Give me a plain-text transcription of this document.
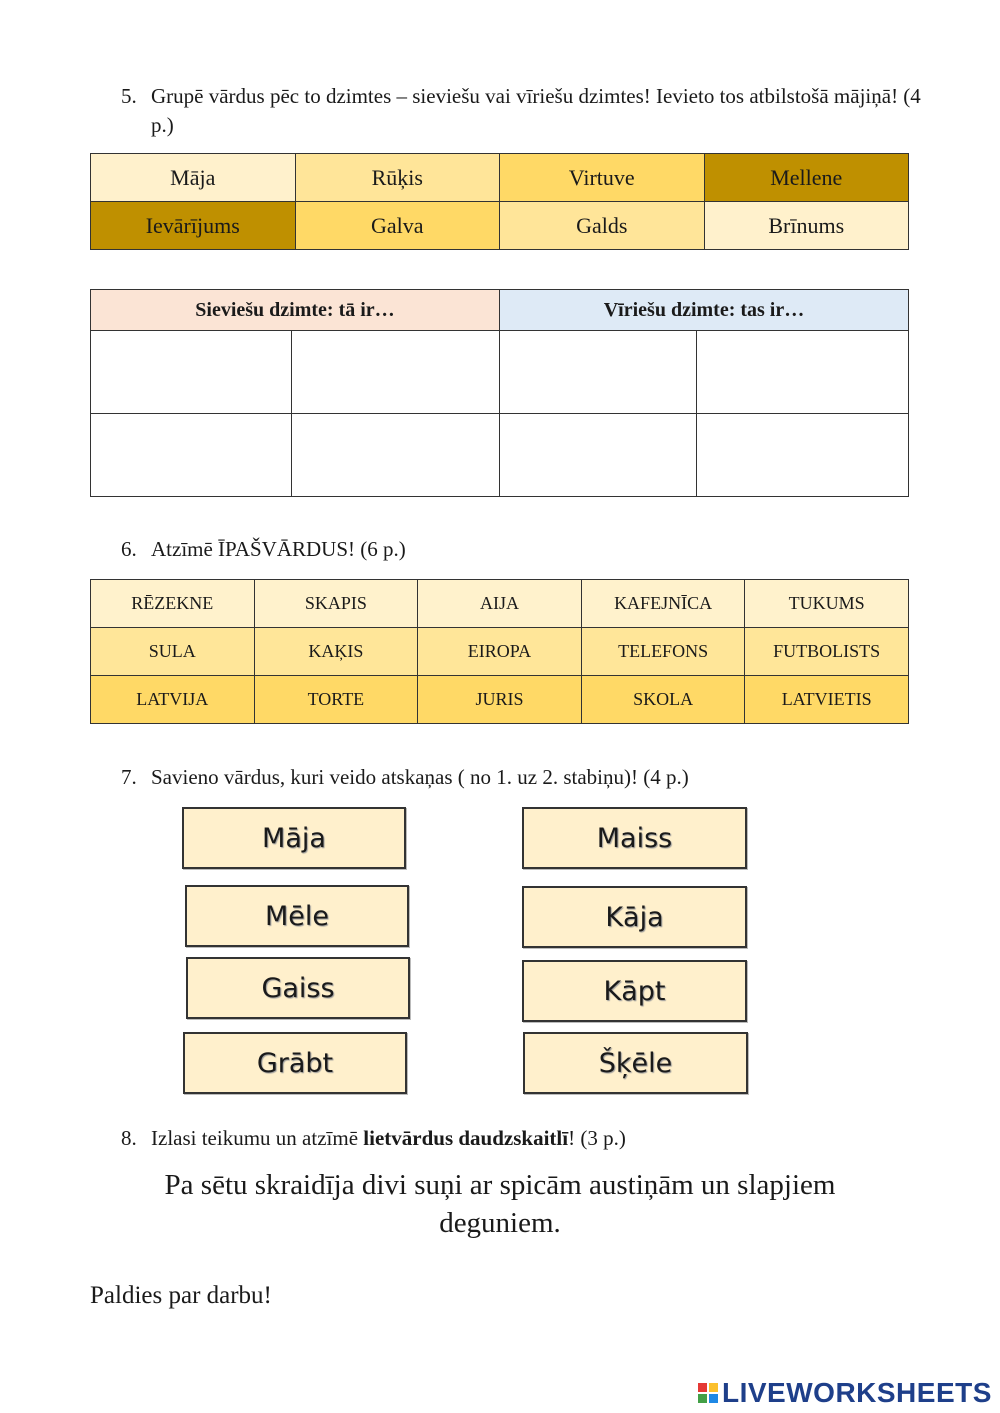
5. Grupē vārdus pēc to dzimtes – sieviešu vai vīriešu dzimtes! Ievieto tos atbilstošā mājiņā! (4 p.)
Māja	Rūķis	Virtuve	Mellene
Ievārījums	Galva	Galds	Brīnums
Sieviešu dzimte: tā ir…		Vīriešu dzimte: tas ir…	

6. Atzīmē ĪPAŠVĀRDUS! (6 p.)
RĒZEKNE	SKAPIS	AIJA	KAFEJNĪCA	TUKUMS
SULA	KAĶIS	EIROPA	TELEFONS	FUTBOLISTS
LATVIJA	TORTE	JURIS	SKOLA	LATVIETIS
7. Savieno vārdus, kuri veido atskaņas ( no 1. uz 2. stabiņu)! (4 p.)
Māja
Mēle
Gaiss
Grābt
Maiss
Kāja
Kāpt
Šķēle
8. Izlasi teikumu un atzīmē lietvārdus daudzskaitlī! (3 p.)
Pa sētu skraidīja divi suņi ar spicām austiņām un slapjiem
deguniem.
Paldies par darbu!
LIVEWORKSHEETS
